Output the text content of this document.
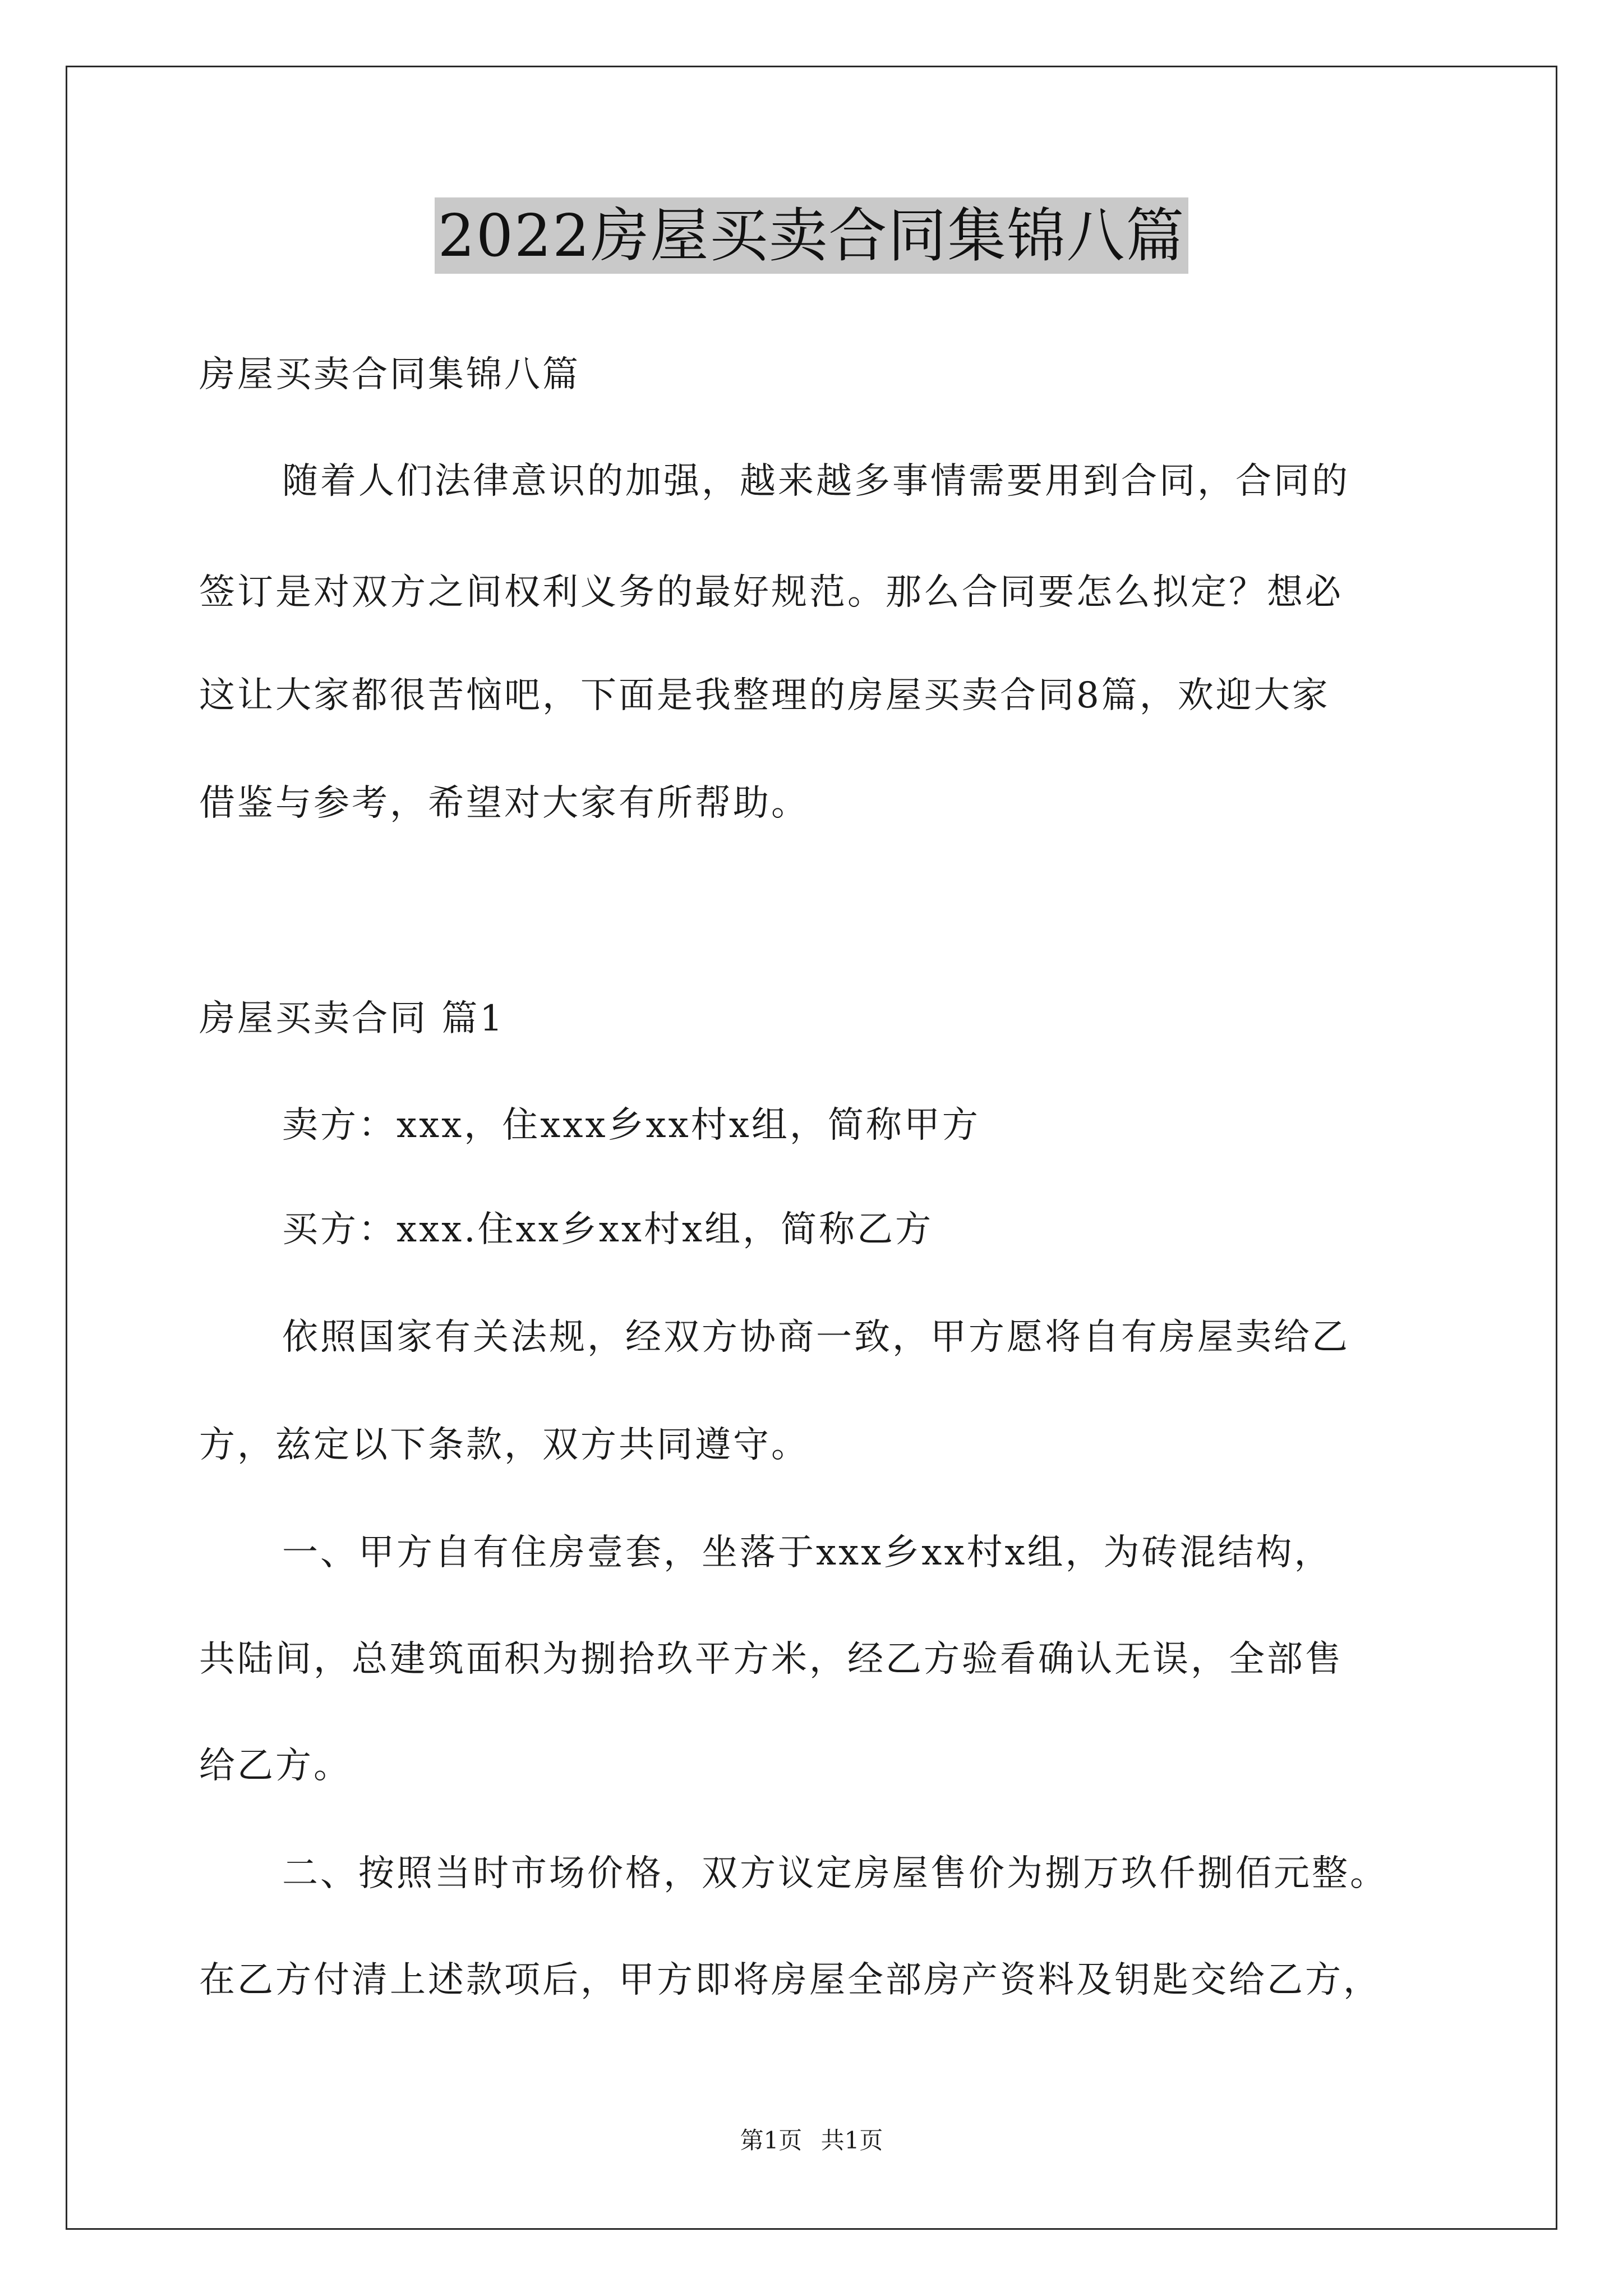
2022房屋买卖合同集锦八篇
房屋买卖合同集锦八篇
随着人们法律意识的加强，越来越多事情需要用到合同，合同的
签订是对双方之间权利义务的最好规范。那么合同要怎么拟定？想必
这让大家都很苦恼吧，下面是我整理的房屋买卖合同8篇，欢迎大家
借鉴与参考，希望对大家有所帮助。
房屋买卖合同 篇1
卖方：xxx，住xxx乡xx村x组，简称甲方
买方：xxx.住xx乡xx村x组，简称乙方
依照国家有关法规，经双方协商一致，甲方愿将自有房屋卖给乙
方，兹定以下条款，双方共同遵守。
一、甲方自有住房壹套，坐落于xxx乡xx村x组，为砖混结构，
共陆间，总建筑面积为捌拾玖平方米，经乙方验看确认无误，全部售
给乙方。
二、按照当时市场价格，双方议定房屋售价为捌万玖仟捌佰元整。
在乙方付清上述款项后，甲方即将房屋全部房产资料及钥匙交给乙方，
第1页 共1页
